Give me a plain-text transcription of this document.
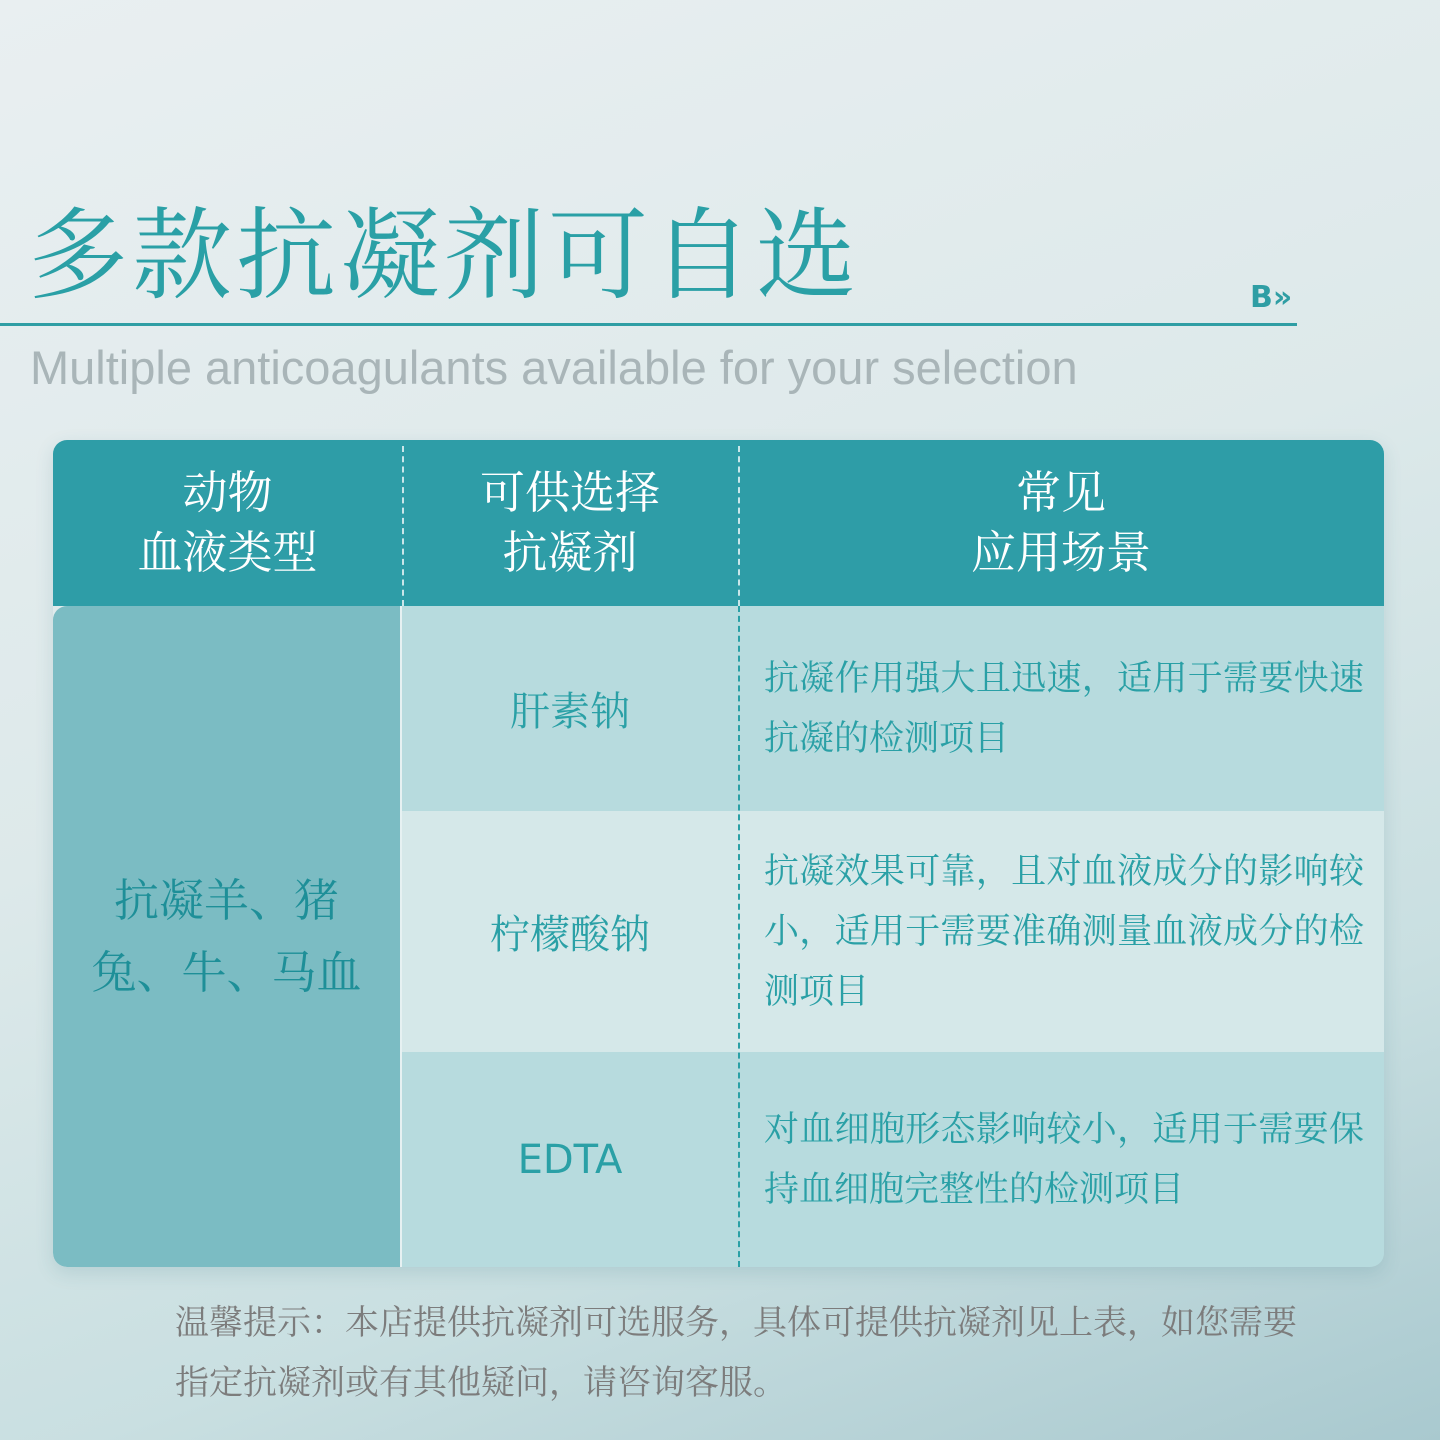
多款抗凝剂可自选	B»
Multiple anticoagulants available for your selection
动物
血液类型
可供选择
抗凝剂
常见
应用场景
肝素钠
抗凝作用强大且迅速，适用于需要快速抗凝的检测项目
柠檬酸钠
抗凝效果可靠，且对血液成分的影响较小，适用于需要准确测量血液成分的检测项目
EDTA
对血细胞形态影响较小，适用于需要保持血细胞完整性的检测项目
抗凝羊、猪
兔、牛、马血
温馨提示：本店提供抗凝剂可选服务，具体可提供抗凝剂见上表，如您需要指定抗凝剂或有其他疑问，请咨询客服。
